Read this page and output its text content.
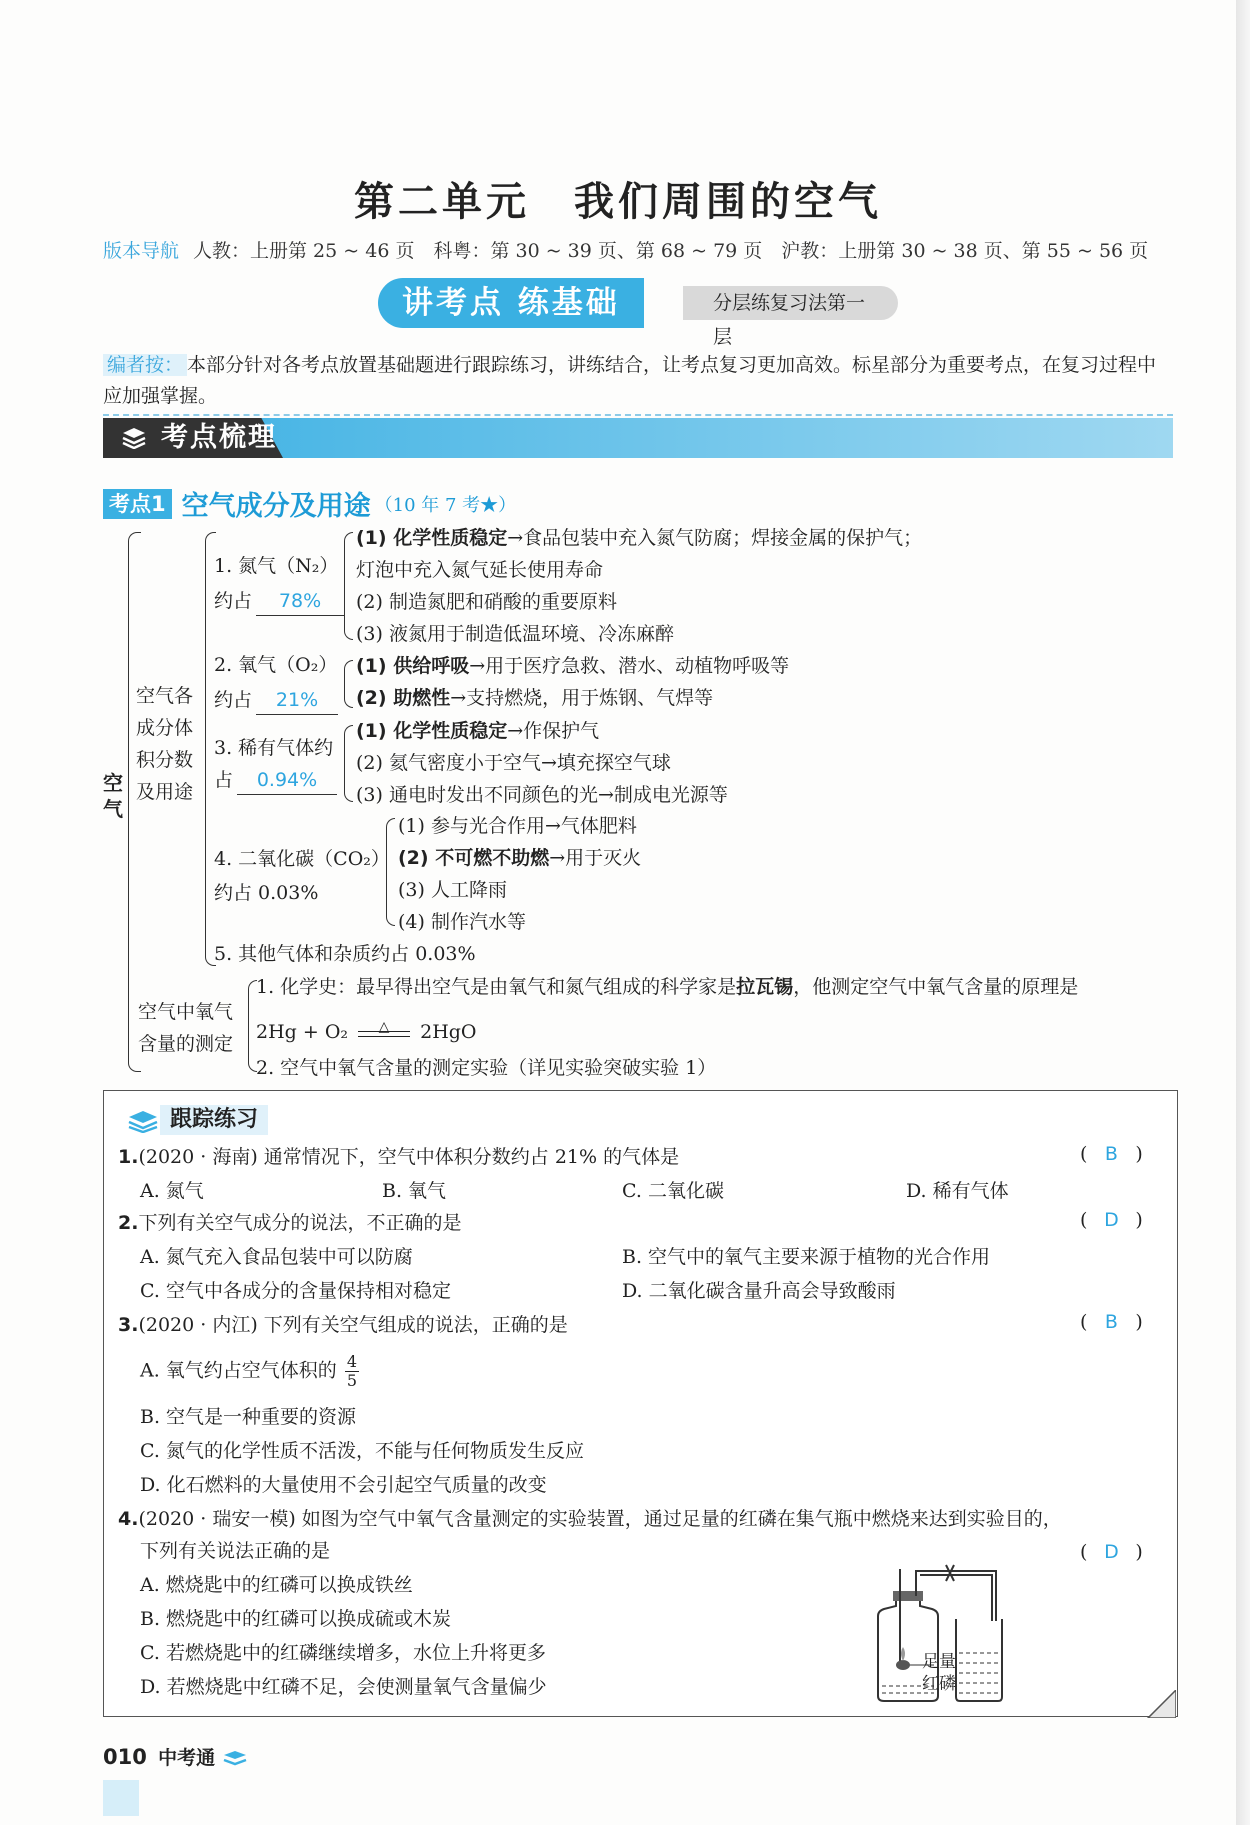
第二单元　我们周围的空气
版本导航 人教：上册第 25 ~ 46 页　科粤：第 30 ~ 39 页、第 68 ~ 79 页　沪教：上册第 30 ~ 38 页、第 55 ~ 56 页
分层练复习法第一层
讲考点 练基础
编者按： 本部分针对各考点放置基础题进行跟踪练习，讲练结合，让考点复习更加高效。标星部分为重要考点，在复习过程中应加强掌握。
考点梳理
考点1 空气成分及用途 （10 年 7 考★）
空气
空气各
成分体
积分数
及用途
1. 氮气（N₂）
约占 78%
(1) 化学性质稳定→食品包装中充入氮气防腐；焊接金属的保护气；
灯泡中充入氮气延长使用寿命
(2) 制造氮肥和硝酸的重要原料
(3) 液氮用于制造低温环境、冷冻麻醉
2. 氧气（O₂）
约占 21%
(1) 供给呼吸→用于医疗急救、潜水、动植物呼吸等
(2) 助燃性→支持燃烧，用于炼钢、气焊等
3. 稀有气体约
占 0.94%
(1) 化学性质稳定→作保护气
(2) 氦气密度小于空气→填充探空气球
(3) 通电时发出不同颜色的光→制成电光源等
4. 二氧化碳（CO₂）
约占 0.03%
(1) 参与光合作用→气体肥料
(2) 不可燃不助燃→用于灭火
(3) 人工降雨
(4) 制作汽水等
5. 其他气体和杂质约占 0.03%
空气中氧气
含量的测定
1. 化学史：最早得出空气是由氧气和氮气组成的科学家是拉瓦锡，他测定空气中氧气含量的原理是
2Hg + O₂	△	2HgO
2. 空气中氧气含量的测定实验（详见实验突破实验 1）
跟踪练习
1.(2020 · 海南) 通常情况下，空气中体积分数约占 21% 的气体是	( B )
A. 氮气	B. 氧气	C. 二氧化碳	D. 稀有气体
2.下列有关空气成分的说法，不正确的是	( D )
A. 氮气充入食品包装中可以防腐	B. 空气中的氧气主要来源于植物的光合作用
C. 空气中各成分的含量保持相对稳定	D. 二氧化碳含量升高会导致酸雨
3.(2020 · 内江) 下列有关空气组成的说法，正确的是	( B )
A. 氧气约占空气体积的 $\frac{4}{5}$
B. 空气是一种重要的资源
C. 氮气的化学性质不活泼，不能与任何物质发生反应
D. 化石燃料的大量使用不会引起空气质量的改变
4.(2020 · 瑞安一模) 如图为空气中氧气含量测定的实验装置，通过足量的红磷在集气瓶中燃烧来达到实验目的，
下列有关说法正确的是	( D )
A. 燃烧匙中的红磷可以换成铁丝
B. 燃烧匙中的红磷可以换成硫或木炭
C. 若燃烧匙中的红磷继续增多，水位上升将更多
D. 若燃烧匙中红磷不足，会使测量氧气含量偏少
足量
红磷
010 中考通
